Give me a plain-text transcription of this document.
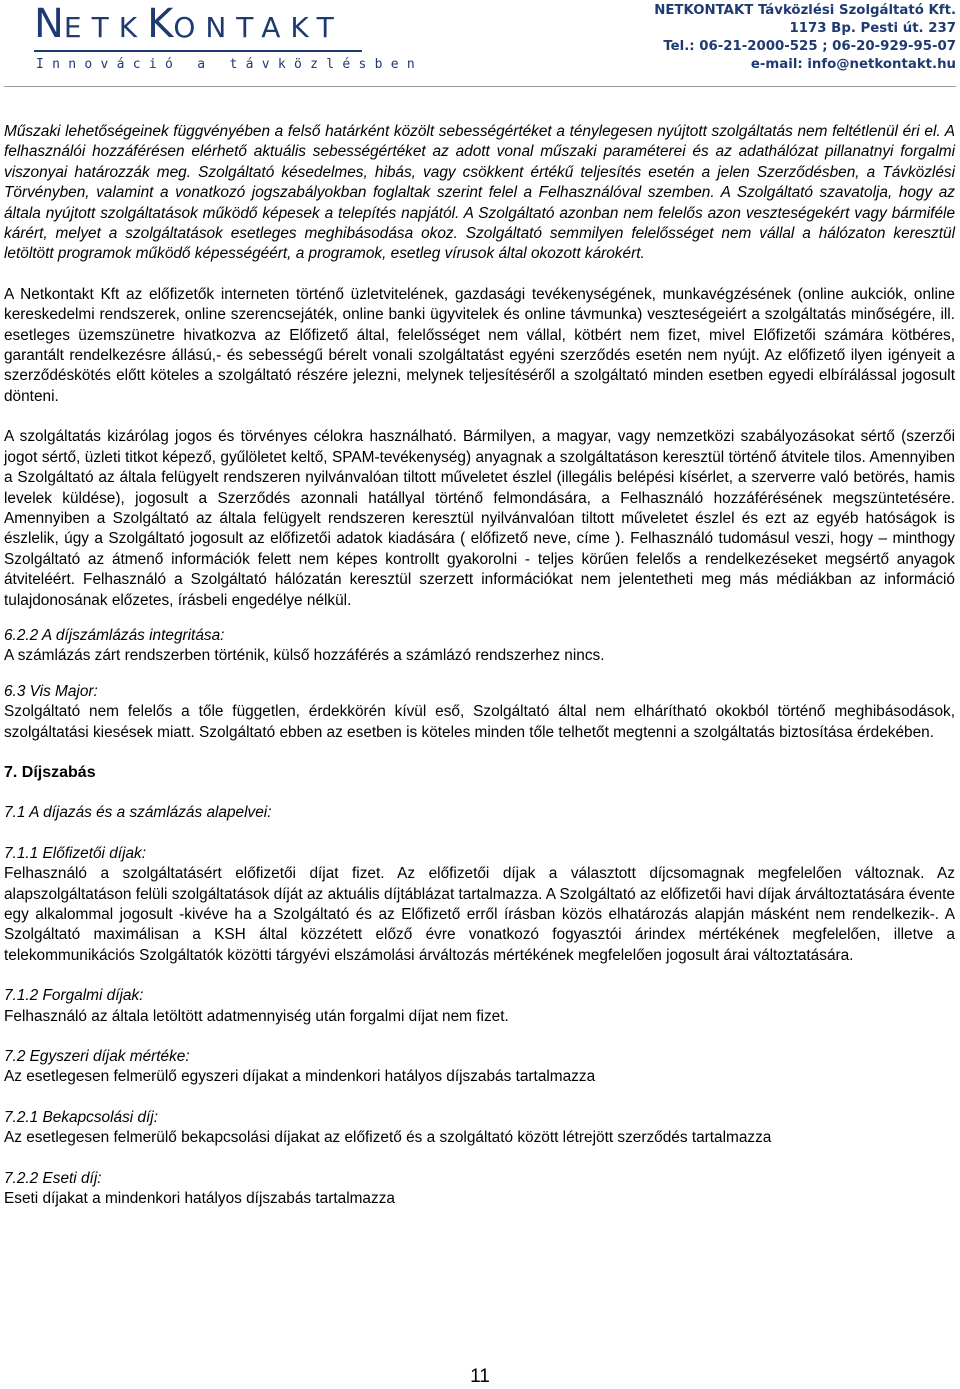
NETKKONTAKT
Innováció a távközlésben
NETKONTAKT Távközlési Szolgáltató Kft.
1173 Bp. Pesti út. 237
Tel.: 06-21-2000-525 ; 06-20-929-95-07
e-mail: info@netkontakt.hu

Műszaki lehetőségeinek függvényében a felső határként közölt sebességértéket a ténylegesen nyújtott szolgáltatás nem feltétlenül éri el. A felhasználói hozzáférésen elérhető aktuális sebességértéket az adott vonal műszaki paraméterei és az adathálózat pillanatnyi forgalmi viszonyai határozzák meg. Szolgáltató késedelmes, hibás, vagy csökkent értékű teljesítés esetén a jelen Szerződésben, a Távközlési Törvényben, valamint a vonatkozó jogszabályokban foglaltak szerint felel a Felhasználóval szemben. A Szolgáltató szavatolja, hogy az általa nyújtott szolgáltatások működő képesek a telepítés napjától. A Szolgáltató azonban nem felelős azon veszteségekért vagy bármiféle kárért, melyet a szolgáltatások esetleges meghibásodása okoz. Szolgáltató semmilyen felelősséget nem vállal a hálózaton keresztül letöltött programok működő képességéért, a programok, esetleg vírusok által okozott károkért.

A Netkontakt Kft az előfizetők interneten történő üzletvitelének, gazdasági tevékenységének, munkavégzésének (online aukciók, online kereskedelmi rendszerek, online szerencsejáték, online banki ügyvitelek és online távmunka) veszteségeiért a szolgáltatás minőségére, ill. esetleges üzemszünetre hivatkozva az Előfizető által, felelősséget nem vállal, kötbért nem fizet, mivel Előfizetői számára kötbéres, garantált rendelkezésre állású,- és sebességű bérelt vonali szolgáltatást egyéni szerződés esetén nem nyújt. Az előfizető ilyen igényeit a szerződéskötés előtt köteles a szolgáltató részére jelezni, melynek teljesítéséről a szolgáltató minden esetben egyedi elbírálással jogosult dönteni.

A szolgáltatás kizárólag jogos és törvényes célokra használható. Bármilyen, a magyar, vagy nemzetközi szabályozásokat sértő (szerzői jogot sértő, üzleti titkot képező, gyűlöletet keltő, SPAM-tevékenység) anyagnak a szolgáltatáson keresztül történő átvitele tilos. Amennyiben a Szolgáltató az általa felügyelt rendszeren nyilvánvalóan tiltott műveletet észlel (illegális belépési kísérlet, a szerverre való betörés, hamis levelek küldése), jogosult a Szerződés azonnali hatállyal történő felmondására, a Felhasználó hozzáférésének megszüntetésére. Amennyiben a Szolgáltató az általa felügyelt rendszeren keresztül nyilvánvalóan tiltott műveletet észlel és ezt az egyéb hatóságok is észlelik, úgy a Szolgáltató jogosult az előfizetői adatok kiadására ( előfizető neve, címe ). Felhasználó tudomásul veszi, hogy – minthogy Szolgáltató az átmenő információk felett nem képes kontrollt gyakorolni - teljes körűen felelős a rendelkezéseket megsértő anyagok átviteléért. Felhasználó a Szolgáltató hálózatán keresztül szerzett információkat nem jelentetheti meg más médiákban az információ tulajdonosának előzetes, írásbeli engedélye nélkül.

6.2.2 A díjszámlázás integritása:

A számlázás zárt rendszerben történik, külső hozzáférés a számlázó rendszerhez nincs.

6.3 Vis Major:

Szolgáltató nem felelős a tőle független, érdekkörén kívül eső, Szolgáltató által nem elhárítható okokból történő meghibásodások, szolgáltatási kiesések miatt. Szolgáltató ebben az esetben is köteles minden tőle telhetőt megtenni a szolgáltatás biztosítása érdekében.

7. Díjszabás

7.1 A díjazás és a számlázás alapelvei:

7.1.1 Előfizetői díjak:

Felhasználó a szolgáltatásért előfizetői díjat fizet. Az előfizetői díjak a választott díjcsomagnak megfelelően változnak. Az alapszolgáltatáson felüli szolgáltatások díját az aktuális díjtáblázat tartalmazza. A Szolgáltató az előfizetői havi díjak árváltoztatására évente egy alkalommal jogosult -kivéve ha a Szolgáltató és az Előfizető erről írásban közös elhatározás alapján másként nem rendelkezik-. A Szolgáltató maximálisan a KSH által közzétett előző évre vonatkozó fogyasztói árindex mértékének megfelelően, illetve a telekommunikációs Szolgáltatók közötti tárgyévi elszámolási árváltozás mértékének megfelelően jogosult árai változtatására.

7.1.2 Forgalmi díjak:

Felhasználó az általa letöltött adatmennyiség után forgalmi díjat nem fizet.

7.2 Egyszeri díjak mértéke:

Az esetlegesen felmerülő egyszeri díjakat a mindenkori hatályos díjszabás tartalmazza

7.2.1 Bekapcsolási díj:

Az esetlegesen felmerülő bekapcsolási díjakat az előfizető és a szolgáltató között létrejött szerződés tartalmazza

7.2.2 Eseti díj:

Eseti díjakat a mindenkori hatályos díjszabás tartalmazza

11
